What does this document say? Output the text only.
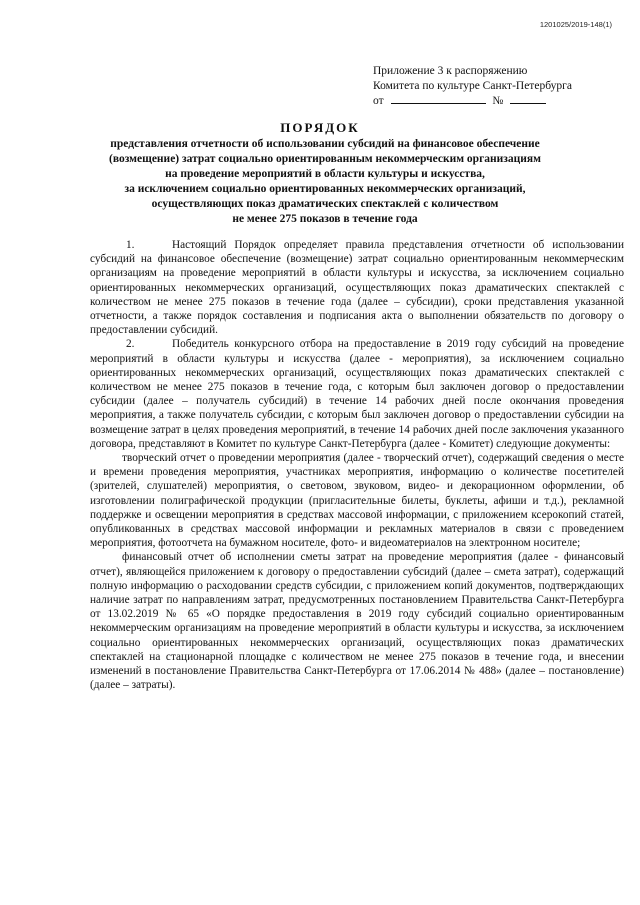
1201025/2019-148(1)
Приложение 3 к распоряжению
Комитета по культуре Санкт-Петербурга
от	№
ПОРЯДОК
представления отчетности об использовании субсидий на финансовое обеспечение
(возмещение) затрат социально ориентированным некоммерческим организациям
на проведение мероприятий в области культуры и искусства,
за исключением социально ориентированных некоммерческих организаций,
осуществляющих показ драматических спектаклей с количеством
не менее 275 показов в течение года

1.	Настоящий Порядок определяет правила представления отчетности об использовании субсидий на финансовое обеспечение (возмещение) затрат социально ориентированным некоммерческим организациям на проведение мероприятий в области культуры и искусства, за исключением социально ориентированных некоммерческих организаций, осуществляющих показ драматических спектаклей с количеством не менее 275 показов в течение года (далее – субсидии), сроки представления указанной отчетности, а также порядок составления и подписания акта о выполнении обязательств по договору о предоставлении субсидий.

2.	Победитель конкурсного отбора на предоставление в 2019 году субсидий на проведение мероприятий в области культуры и искусства (далее - мероприятия), за исключением социально ориентированных некоммерческих организаций, осуществляющих показ драматических спектаклей с количеством не менее 275 показов в течение года, с которым был заключен договор о предоставлении субсидии (далее – получатель субсидий) в течение 14 рабочих дней после окончания проведения мероприятия, а также получатель субсидии, с которым был заключен договор о предоставлении субсидии на возмещение затрат в целях проведения мероприятий, в течение 14 рабочих дней после заключения указанного договора, представляют в Комитет по культуре Санкт-Петербурга (далее - Комитет) следующие документы:

творческий отчет о проведении мероприятия (далее - творческий отчет), содержащий сведения о месте и времени проведения мероприятия, участниках мероприятия, информацию о количестве посетителей (зрителей, слушателей) мероприятия, о световом, звуковом, видео- и декорационном оформлении, об изготовлении полиграфической продукции (пригласительные билеты, буклеты, афиши и т.д.), рекламной поддержке и освещении мероприятия в средствах массовой информации, с приложением ксерокопий статей, опубликованных в средствах массовой информации и рекламных материалов в связи с проведением мероприятия, фотоотчета на бумажном носителе, фото- и видеоматериалов на электронном носителе;

финансовый отчет об исполнении сметы затрат на проведение мероприятия (далее - финансовый отчет), являющейся приложением к договору о предоставлении субсидий (далее – смета затрат), содержащий полную информацию о расходовании средств субсидии, с приложением копий документов, подтверждающих наличие затрат по направлениям затрат, предусмотренных постановлением Правительства Санкт-Петербурга от 13.02.2019 № 65 «О порядке предоставления в 2019 году субсидий социально ориентированным некоммерческим организациям на проведение мероприятий в области культуры и искусства, за исключением социально ориентированных некоммерческих организаций, осуществляющих показ драматических спектаклей на стационарной площадке с количеством не менее 275 показов в течение года, и внесении изменений в постановление Правительства Санкт-Петербурга от 17.06.2014 № 488» (далее – постановление) (далее – затраты).
